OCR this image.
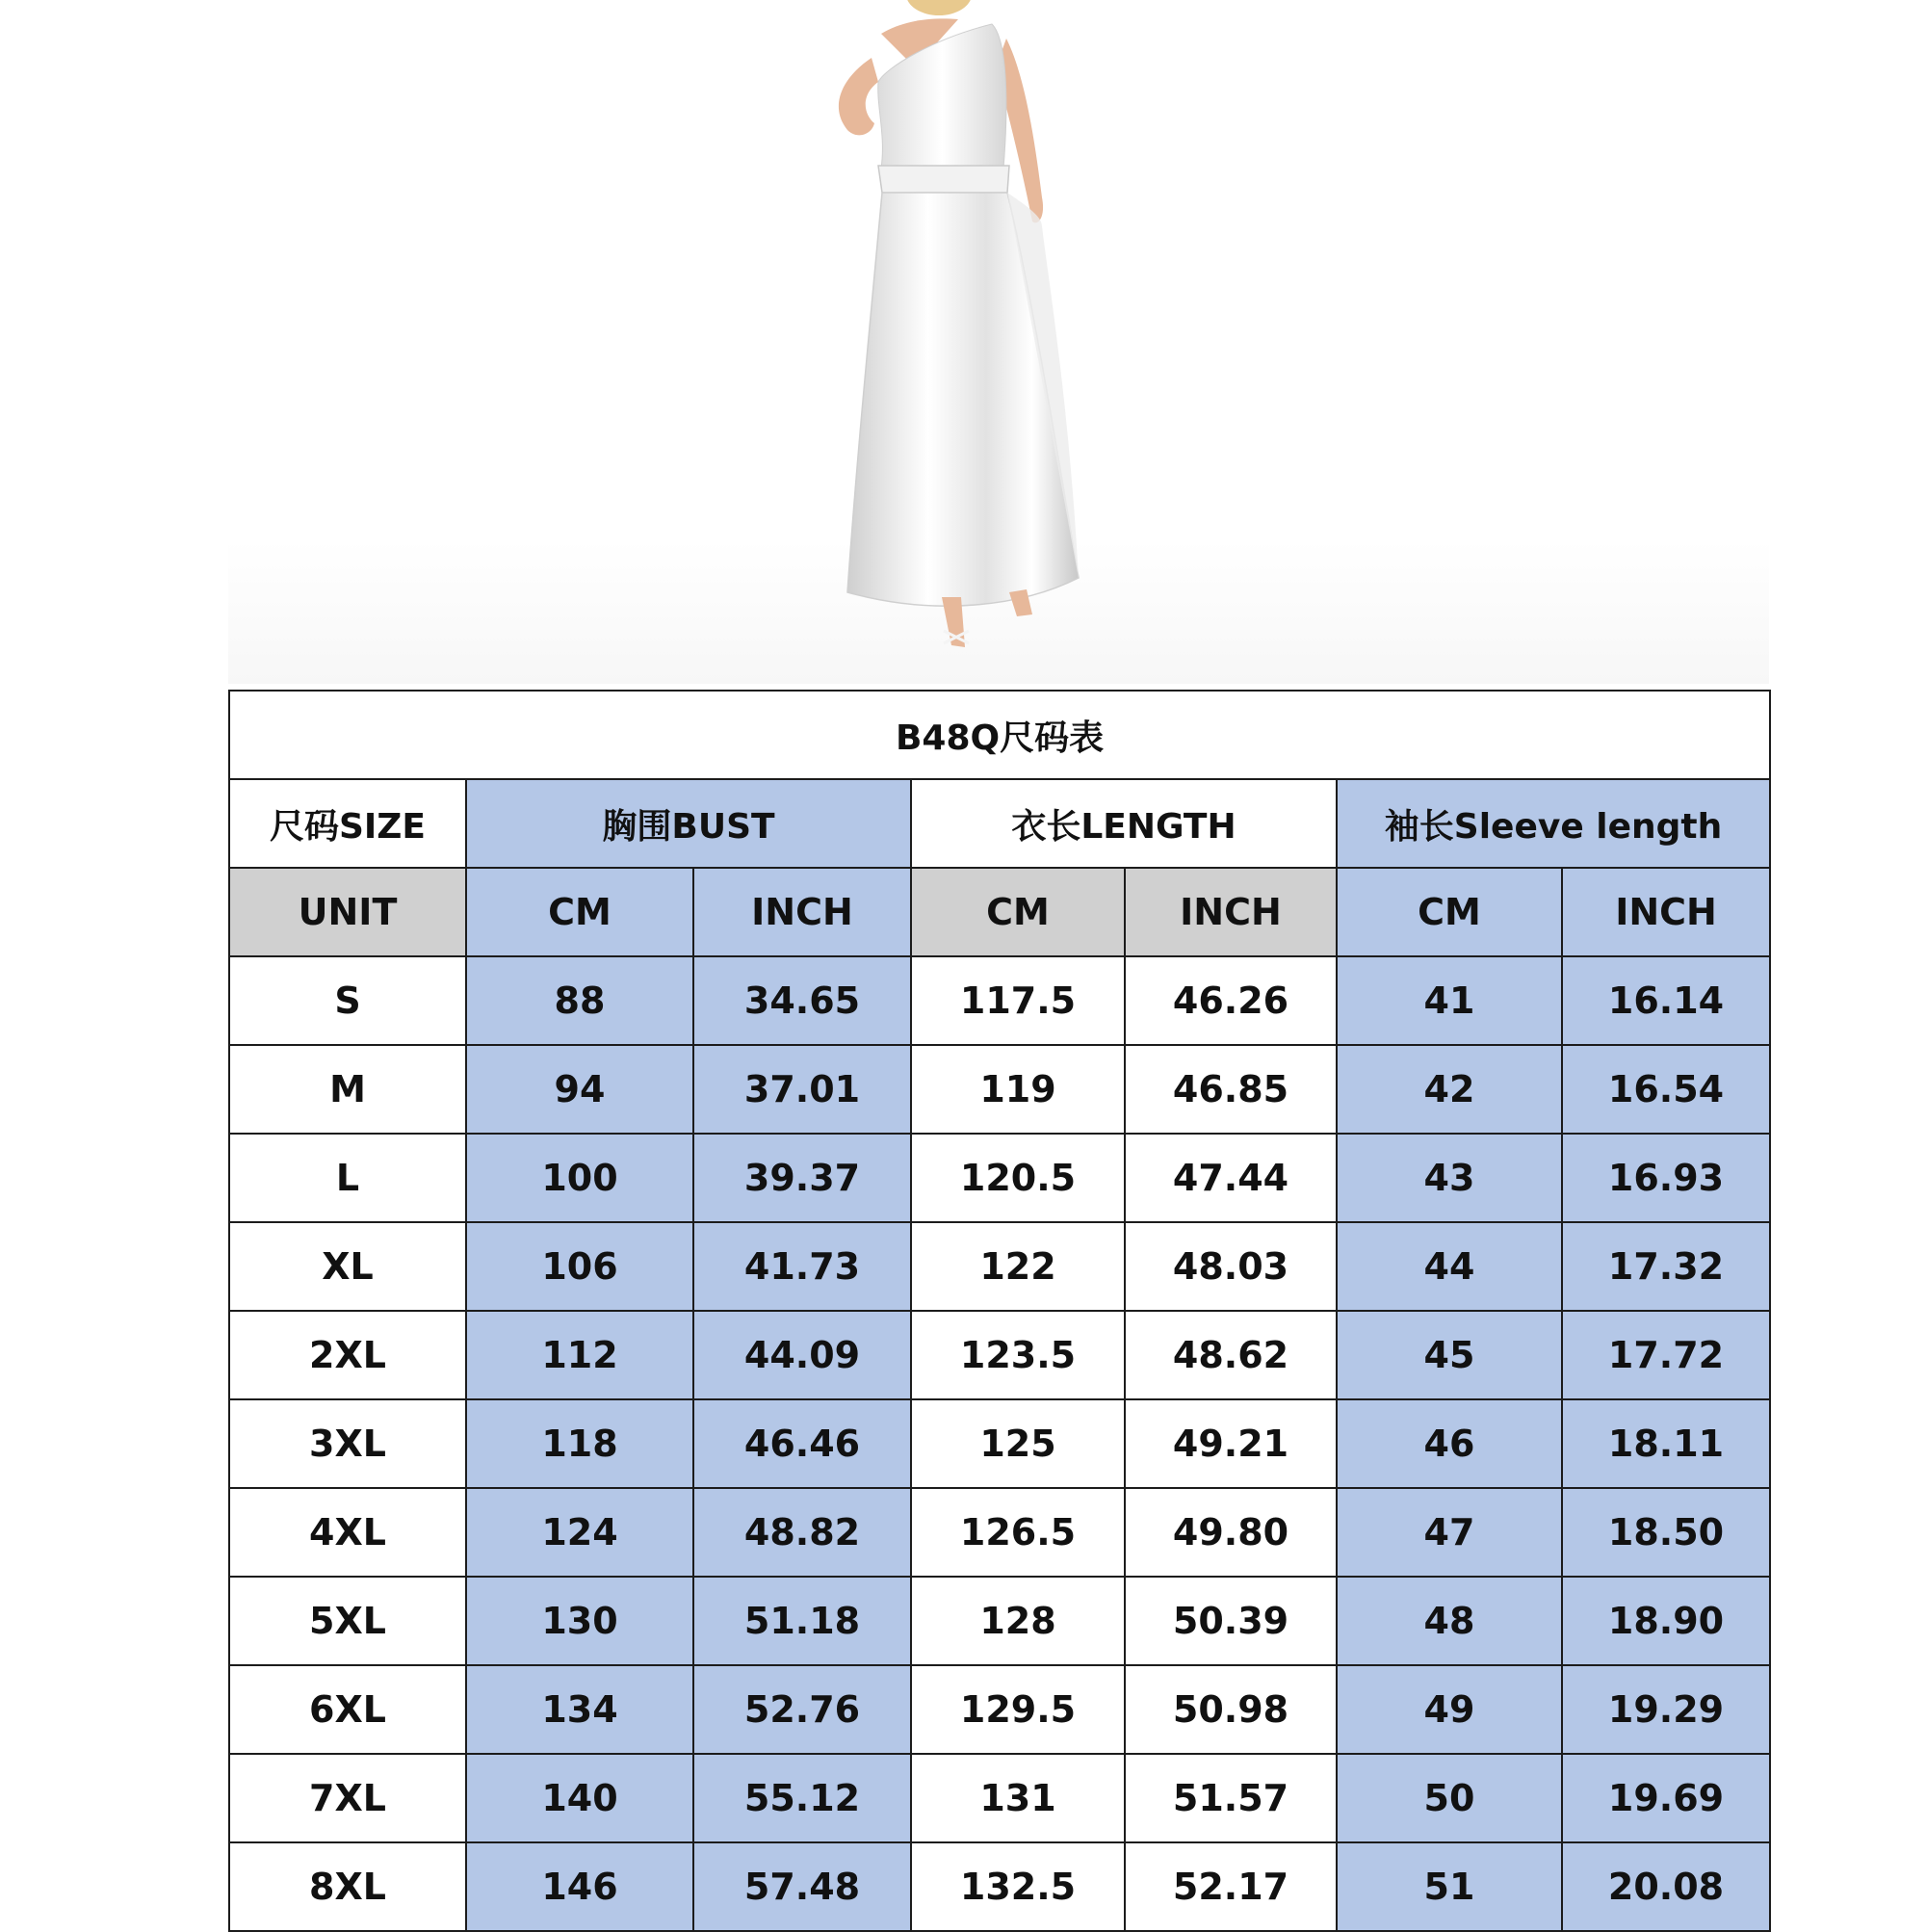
B48Q尺码表						
尺码SIZE	胸围BUST		衣长LENGTH		袖长Sleeve length	
UNIT	CM	INCH	CM	INCH	CM	INCH
S	88	34.65	117.5	46.26	41	16.14
M	94	37.01	119	46.85	42	16.54
L	100	39.37	120.5	47.44	43	16.93
XL	106	41.73	122	48.03	44	17.32
2XL	112	44.09	123.5	48.62	45	17.72
3XL	118	46.46	125	49.21	46	18.11
4XL	124	48.82	126.5	49.80	47	18.50
5XL	130	51.18	128	50.39	48	18.90
6XL	134	52.76	129.5	50.98	49	19.29
7XL	140	55.12	131	51.57	50	19.69
8XL	146	57.48	132.5	52.17	51	20.08
